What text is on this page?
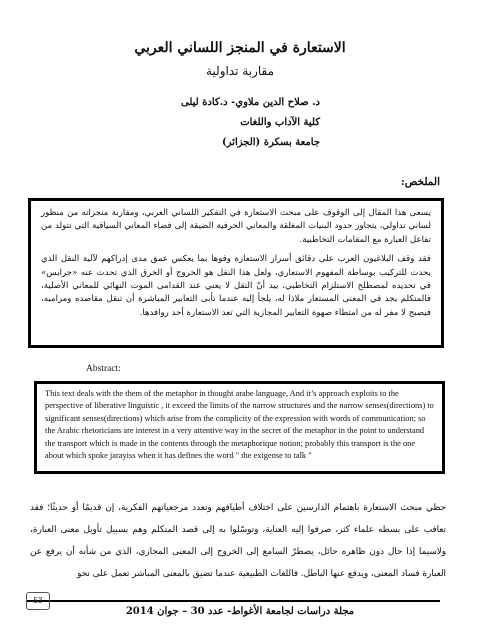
الاستعارة في المنجز اللساني العربي
مقاربة تداولية
د. صلاح الدين ملاوي- د.كادة ليلى
كلية الآداب واللغات
جامعة بسكرة (الجزائر)
الملخص:

يسعى هذا المقال إلى الوقوف على مبحث الاستعارة في التفكير اللساني العربي، ومقاربة منجزاته من منظور لساني تداولي، يتجاوز حدود البنيات المغلقة والمعاني الحرفية الضيقة إلى فضاء المعاني السياقية التي تتولد من تفاعل العبارة مع المقامات التخاطبية.

فقد وقف البلاغيون العرب على دقائق أسرار الاستعارة وفوها بما يعكس عمق مدى إدراكهم لآلية النقل الذي يحدث للتركيب بوساطة المفهوم الاستعاري، ولعل هذا النقل هو الخروج أو الخرق الذي تحدث عنه «جرايس» في تحديده لمصطلح الاستلزام التخاطبي، بيد أنّ النقل لا يعني عند القدامى الموت النهائي للمعاني الأصلية، فالمتكلم يجد في المعنى المستعار ملاذا له، يلجأ إليه عندما تأبى التعابير المباشرة أن تنقل مقاصده ومراميه، فيصبح لا مفر له من امتطاء صهوة التعابير المجازية التي تعد الاستعارة أحد روافدها.

Abstract:
This text deals with the them of the metaphor in thought arabe language, And it’s approach exploits to the perspective of liberative linguistic , it exceed the limits of the narrow structures and the narrow senses(directions) to significant senses(directions) which arise from the complicity of the expression with words of communication; so the Arabic rhetoricians are interest in a very attentive way in the secret of the metaphor in the point to understand the transport which is made in the contents through the metaphorique notion; probably this transport is the one about which spoke jarayiss when it has defines the word " the exigense to talk "
حظي مبحث الاستعارة باهتمام الدارسين على اختلاف أطيافهم وتعدد مرجعياتهم الفكرية، إن قديمًا أو حديثًا؛ فقد تعاقب على بسطه علماء كثر، صرفوا إليه العناية، وتوسّلوا به إلى قصد المتكلم وهم بسبيل تأويل معنى العبارة، ولاسيما إذا حال دون ظاهره حائل، يضطرّ السامع إلى الخروج إلى المعنى المجازي، الذي من شأنه أن يرفع عن العبارة فساد المعنى، ويدفع عنها الباطل. فاللغات الطبيعية عندما تضيق بالمعنى المباشر تعمل على نحو
53
مجلة دراسات لجامعة الأغواط- عدد 30 – جوان 2014
